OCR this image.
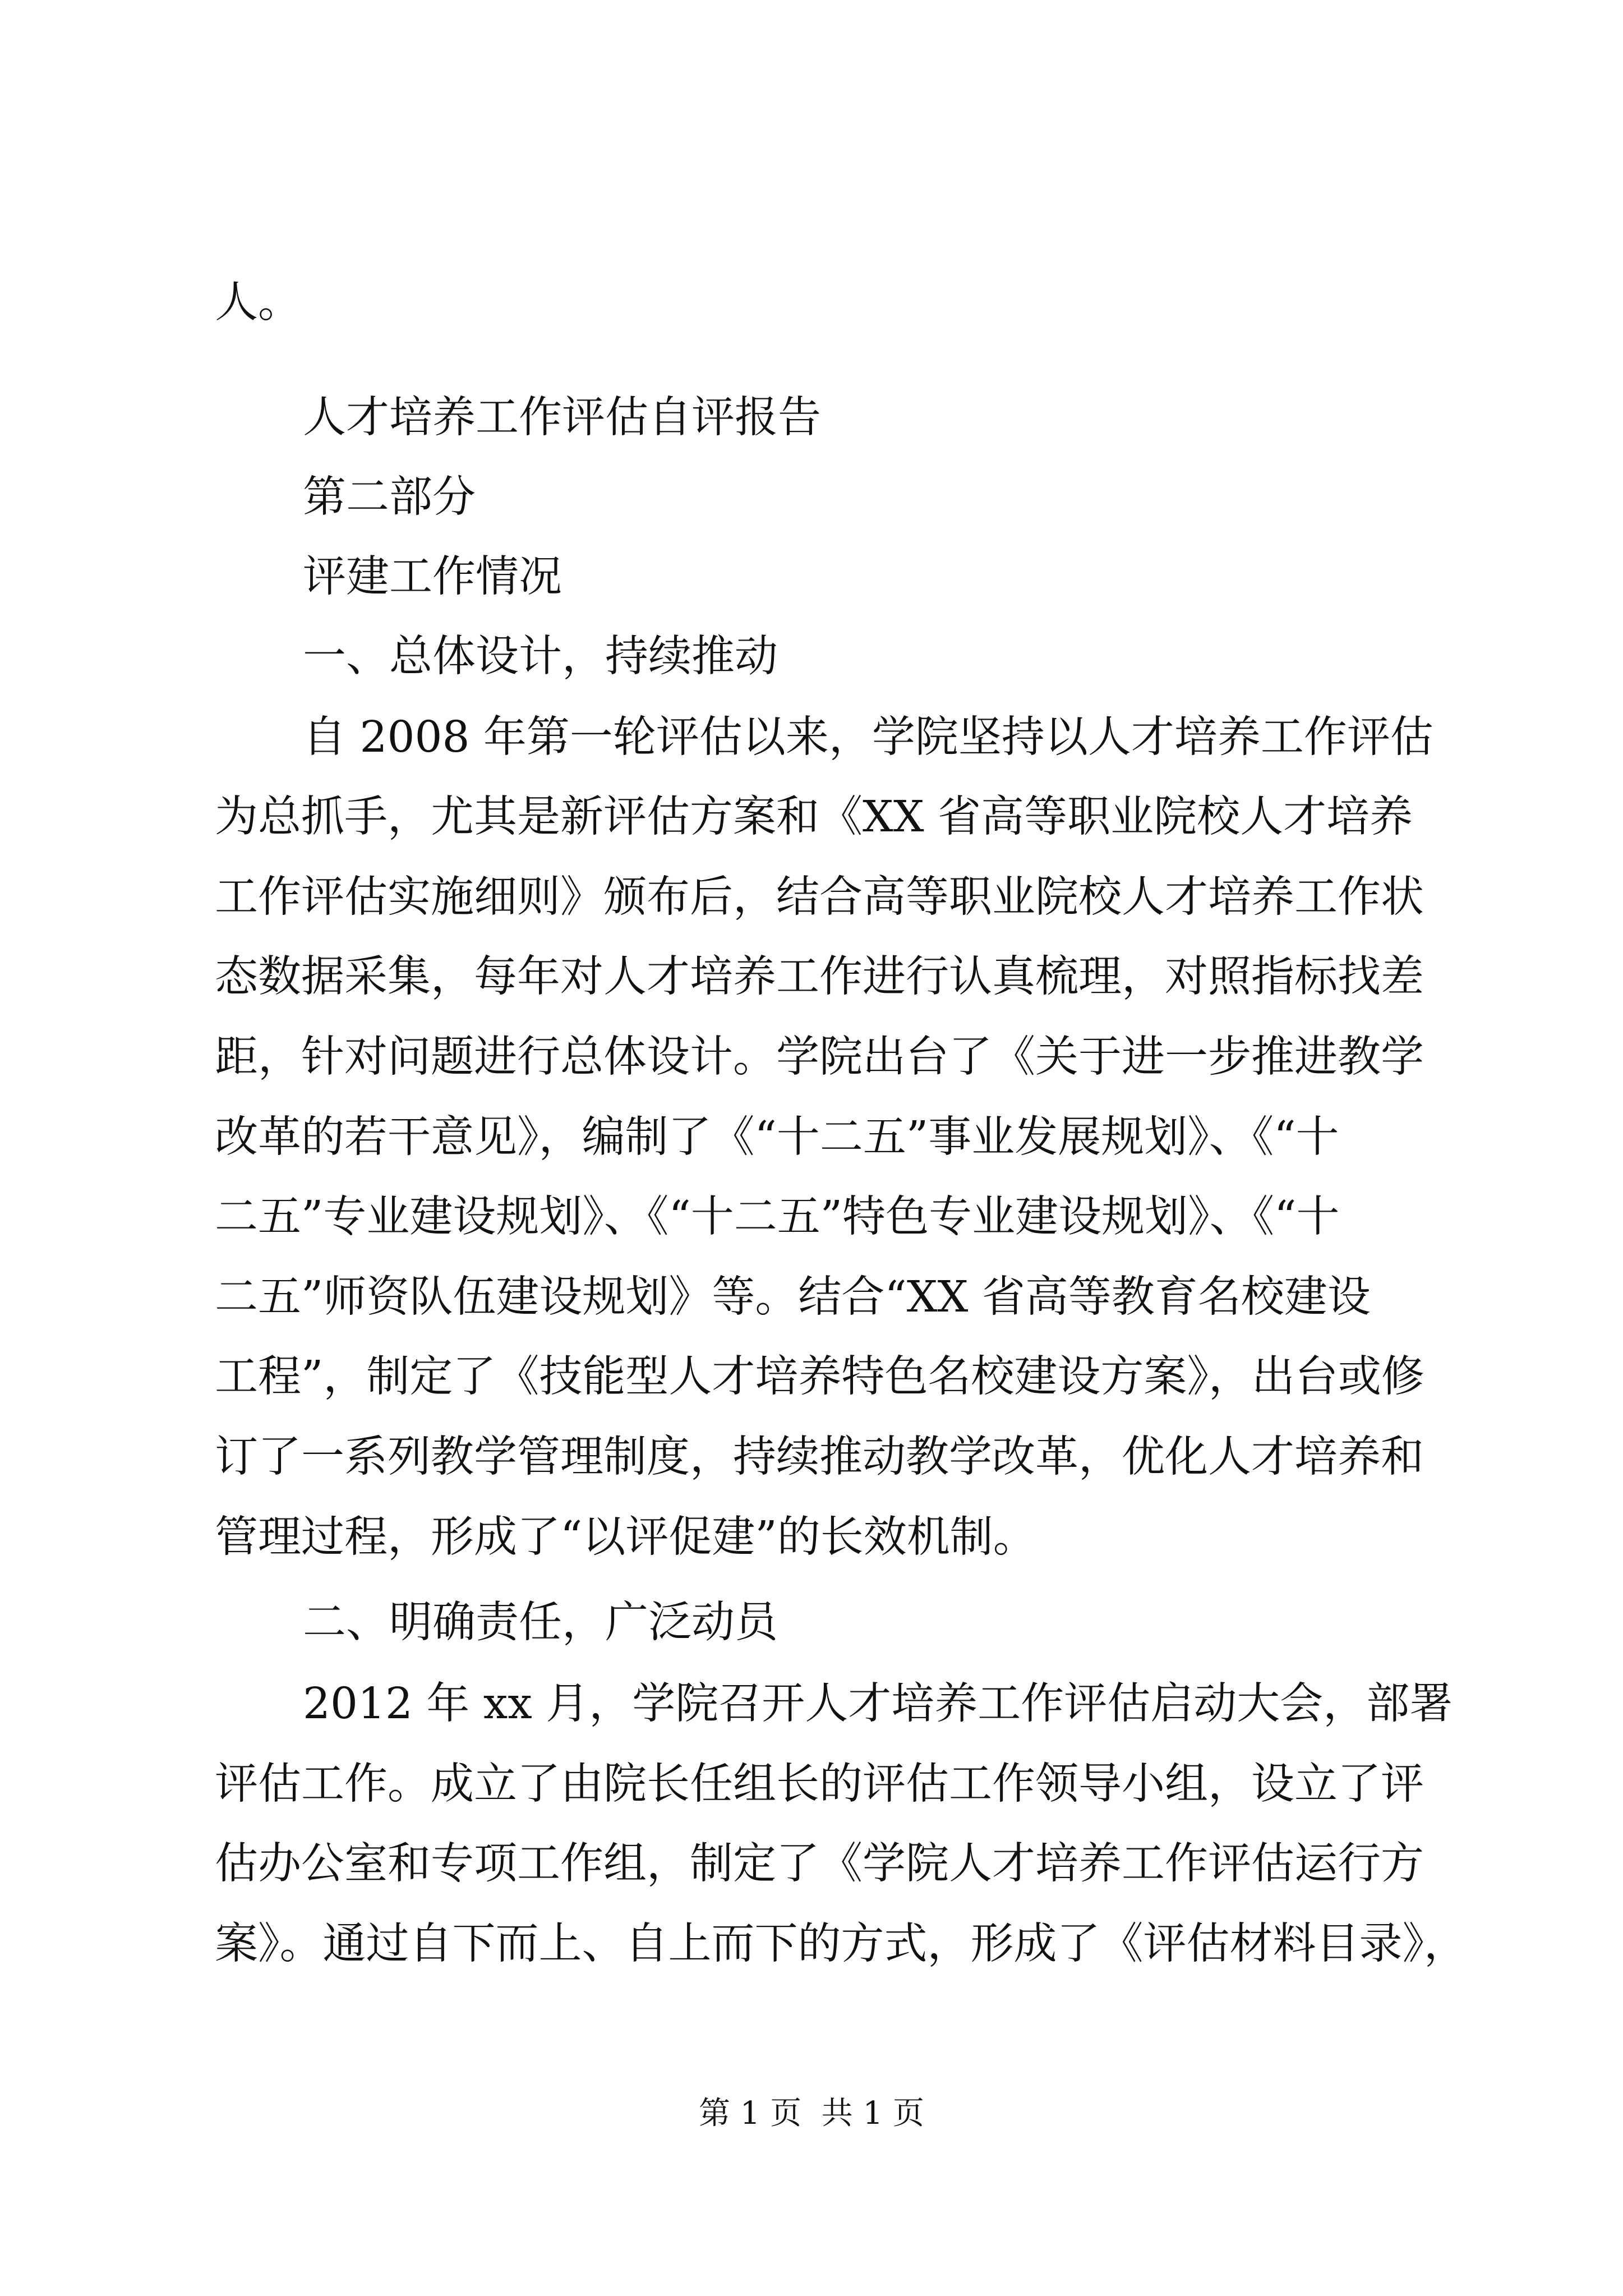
人。

人才培养工作评估自评报告

第二部分

评建工作情况

一、总体设计，持续推动

自 2008 年第一轮评估以来，学院坚持以人才培养工作评估

为总抓手，尤其是新评估方案和《XX 省高等职业院校人才培养

工作评估实施细则》颁布后，结合高等职业院校人才培养工作状

态数据采集，每年对人才培养工作进行认真梳理，对照指标找差

距，针对问题进行总体设计。学院出台了《关于进一步推进教学

改革的若干意见》，编制了《“十二五”事业发展规划》、《“十

二五”专业建设规划》、《“十二五”特色专业建设规划》、《“十

二五”师资队伍建设规划》等。结合“XX 省高等教育名校建设

工程”，制定了《技能型人才培养特色名校建设方案》，出台或修

订了一系列教学管理制度，持续推动教学改革，优化人才培养和

管理过程，形成了“以评促建”的长效机制。

二、明确责任，广泛动员

2012 年 xx 月，学院召开人才培养工作评估启动大会，部署

评估工作。成立了由院长任组长的评估工作领导小组，设立了评

估办公室和专项工作组，制定了《学院人才培养工作评估运行方

案》。通过自下而上、自上而下的方式，形成了《评估材料目录》，

第 1 页  共 1 页
